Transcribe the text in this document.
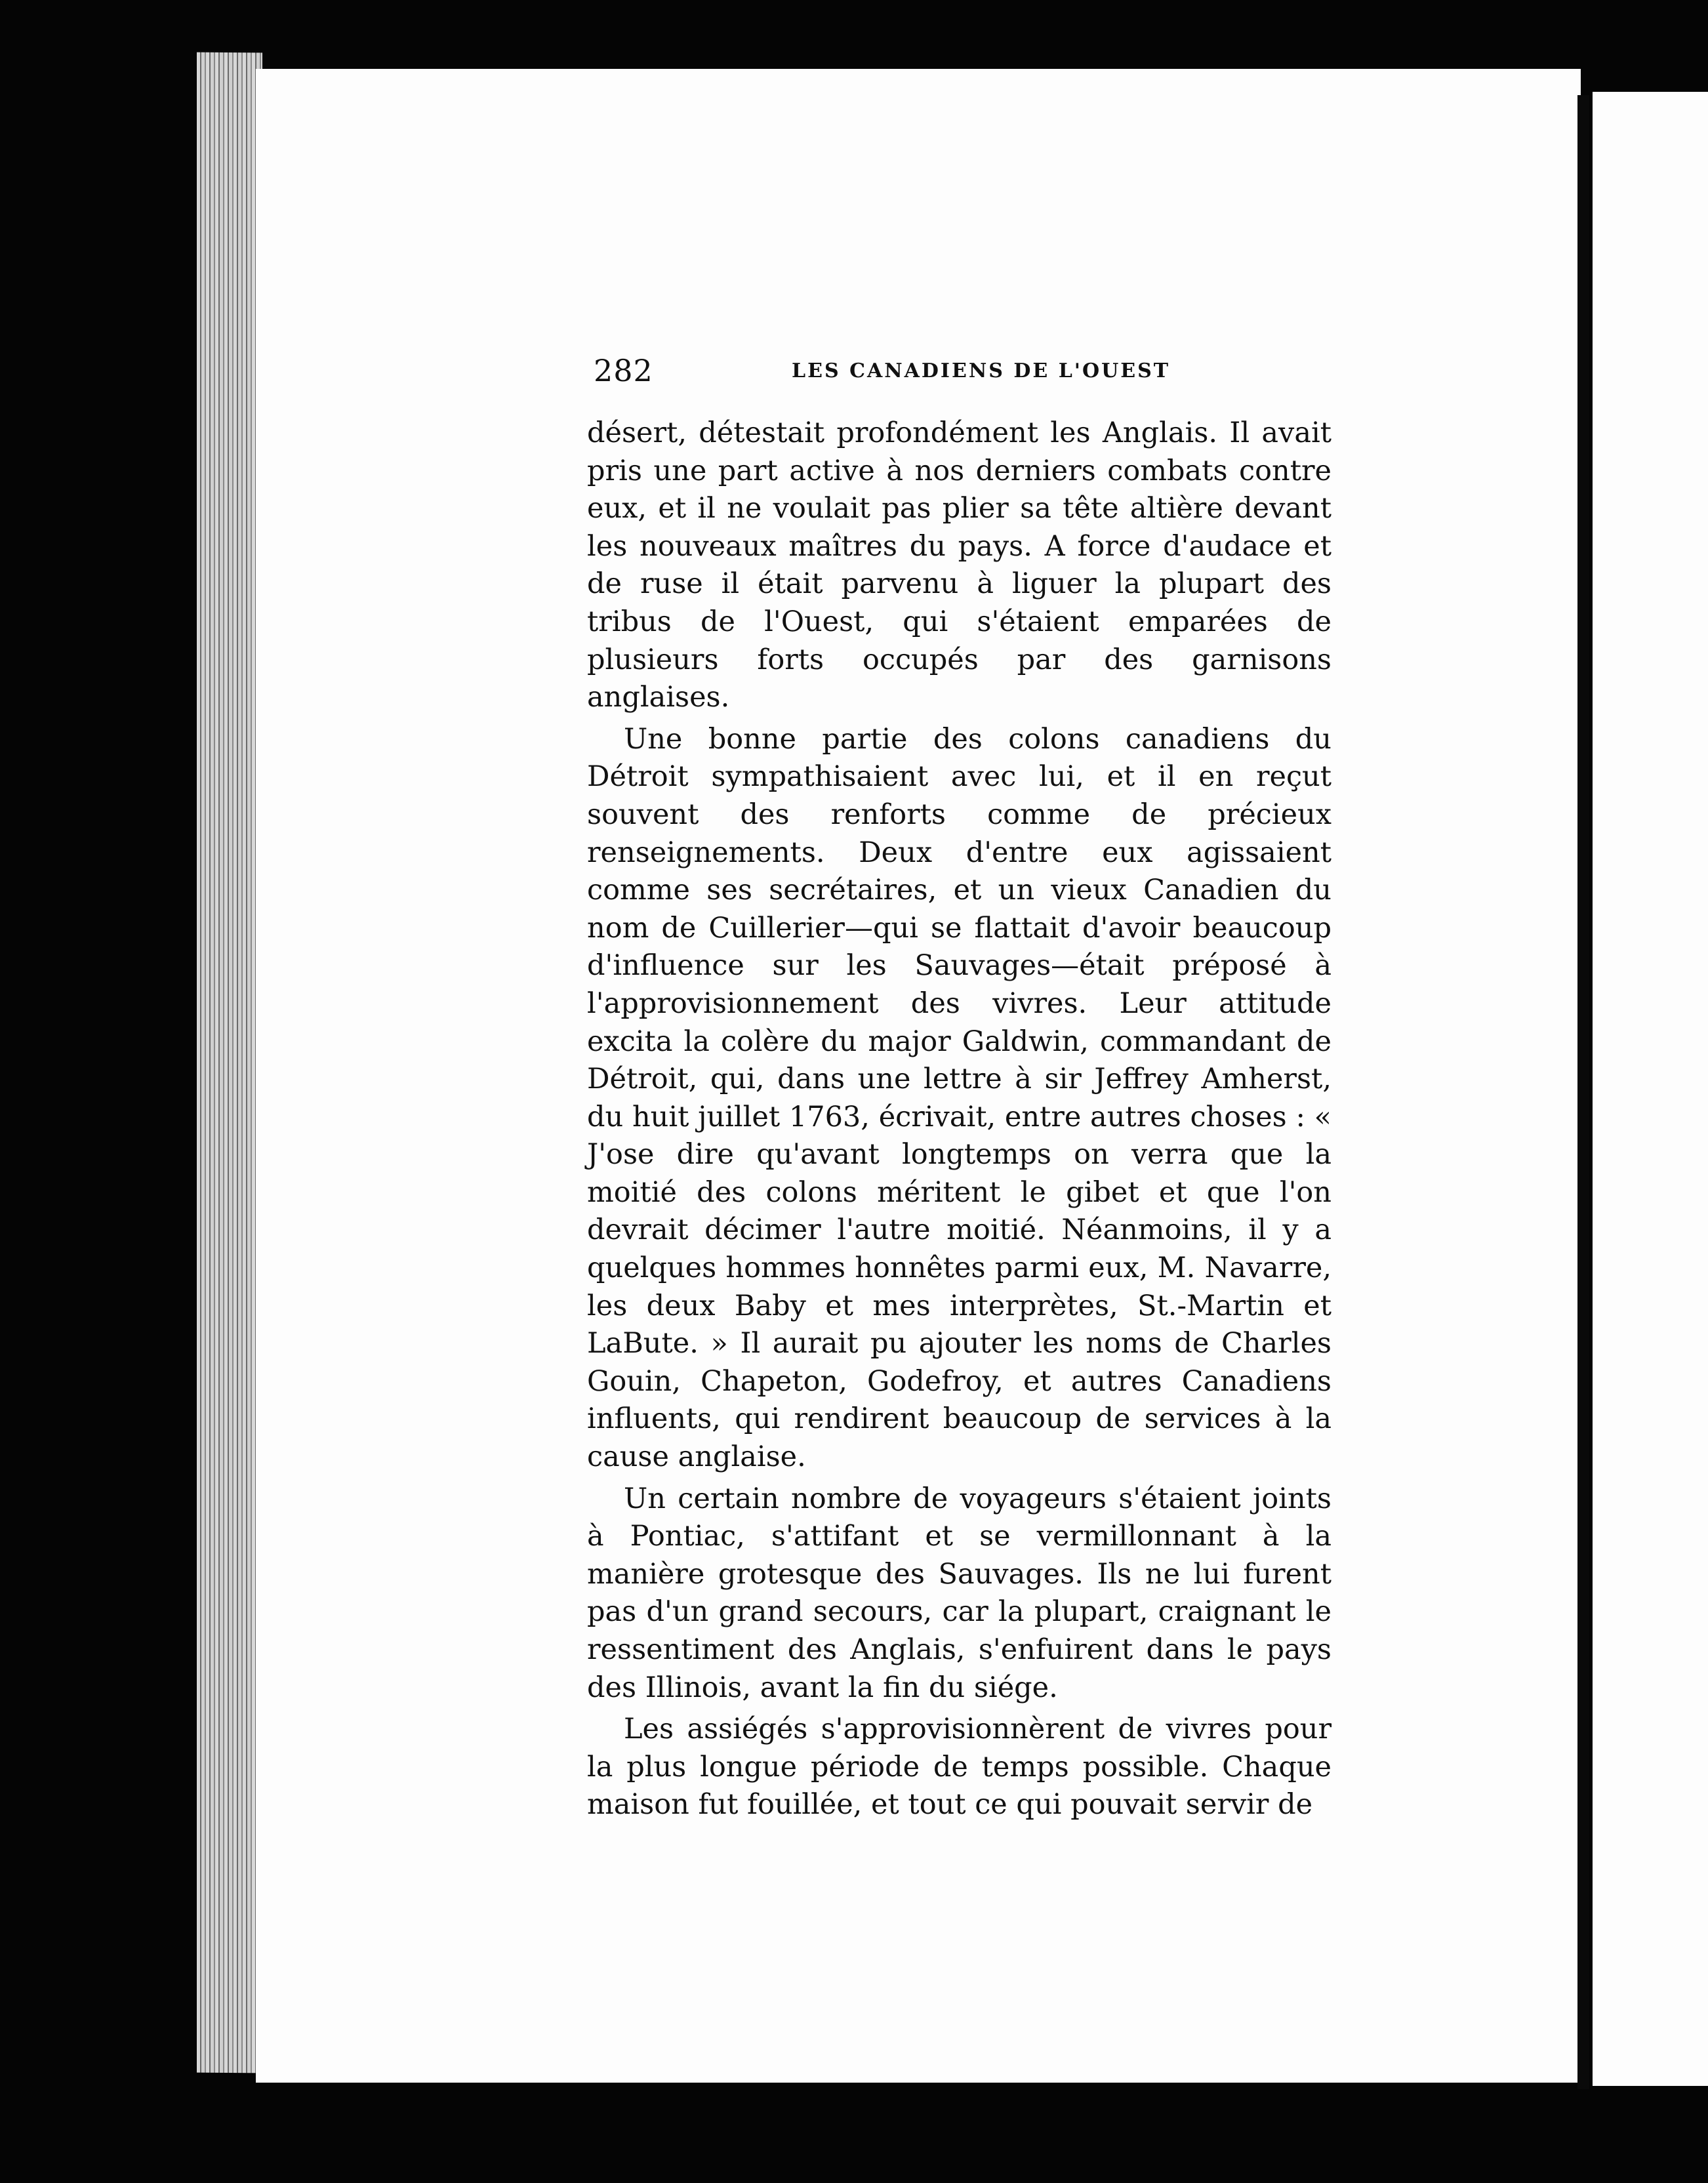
282	LES CANADIENS DE L'OUEST

désert, détestait profondément les Anglais. Il avait pris une part active à nos derniers combats contre eux, et il ne voulait pas plier sa tête altière devant les nouveaux maîtres du pays. A force d'audace et de ruse il était parvenu à liguer la plupart des tribus de l'Ouest, qui s'étaient emparées de plusieurs forts occupés par des garnisons anglaises.

Une bonne partie des colons canadiens du Détroit sympathisaient avec lui, et il en reçut souvent des renforts comme de précieux renseignements. Deux d'entre eux agissaient comme ses secrétaires, et un vieux Canadien du nom de Cuillerier—qui se flattait d'avoir beaucoup d'influence sur les Sauvages—était préposé à l'approvisionnement des vivres. Leur attitude excita la colère du major Galdwin, commandant de Détroit, qui, dans une lettre à sir Jeffrey Amherst, du huit juillet 1763, écrivait, entre autres choses : « J'ose dire qu'avant longtemps on verra que la moitié des colons méritent le gibet et que l'on devrait décimer l'autre moitié. Néanmoins, il y a quelques hommes honnêtes parmi eux, M. Navarre, les deux Baby et mes interprètes, St.-Martin et LaBute. » Il aurait pu ajouter les noms de Charles Gouin, Chapeton, Godefroy, et autres Canadiens influents, qui rendirent beaucoup de services à la cause anglaise.

Un certain nombre de voyageurs s'étaient joints à Pontiac, s'attifant et se vermillonnant à la manière grotesque des Sauvages. Ils ne lui furent pas d'un grand secours, car la plupart, craignant le ressentiment des Anglais, s'enfuirent dans le pays des Illinois, avant la fin du siége.

Les assiégés s'approvisionnèrent de vivres pour la plus longue période de temps possible. Chaque maison fut fouillée, et tout ce qui pouvait servir de
